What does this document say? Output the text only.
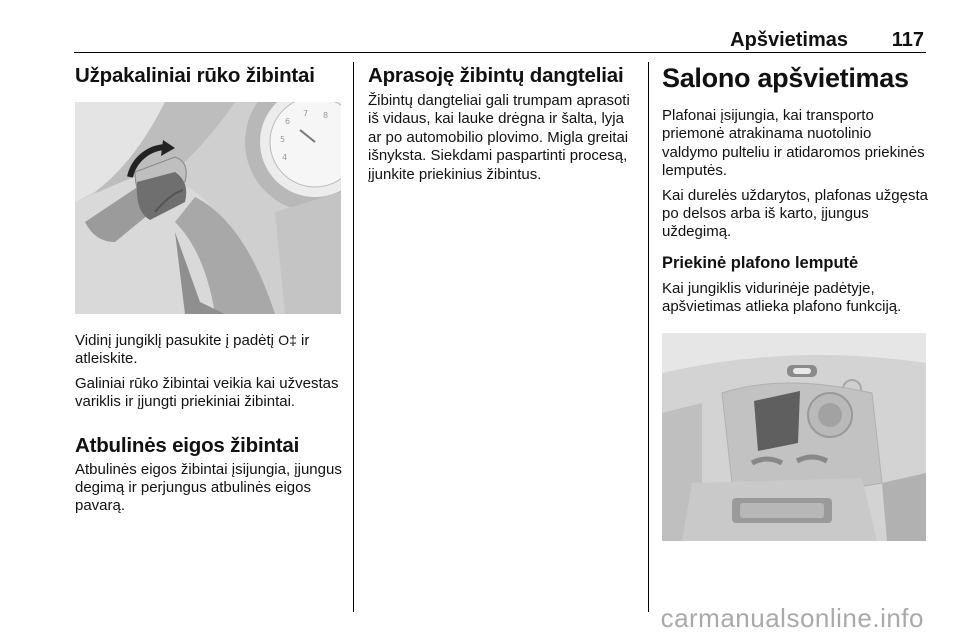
Apšvietimas 117
Užpakaliniai rūko žibintai
6
7 8
5
4

Vidinį jungiklį pasukite į padėtį O‡ ir atleiskite.

Galiniai rūko žibintai veikia kai užvestas variklis ir įjungti priekiniai žibintai.

Atbulinės eigos žibintai

Atbulinės eigos žibintai įsijungia, įjungus degimą ir perjungus atbulinės eigos pavarą.

Aprasoję žibintų dangteliai

Žibintų dangteliai gali trumpam aprasoti iš vidaus, kai lauke drėgna ir šalta, lyja ar po automobilio plovimo. Migla greitai išnyksta. Siekdami paspartinti procesą, įjunkite priekinius žibintus.

Salono apšvietimas

Plafonai įsijungia, kai transporto priemonė atrakinama nuotolinio valdymo pulteliu ir atidaromos priekinės lemputės.

Kai durelės uždarytos, plafonas užgęsta po delsos arba iš karto, įjungus uždegimą.

Priekinė plafono lemputė

Kai jungiklis vidurinėje padėtyje, apšvietimas atlieka plafono funkciją.

carmanualsonline.info
